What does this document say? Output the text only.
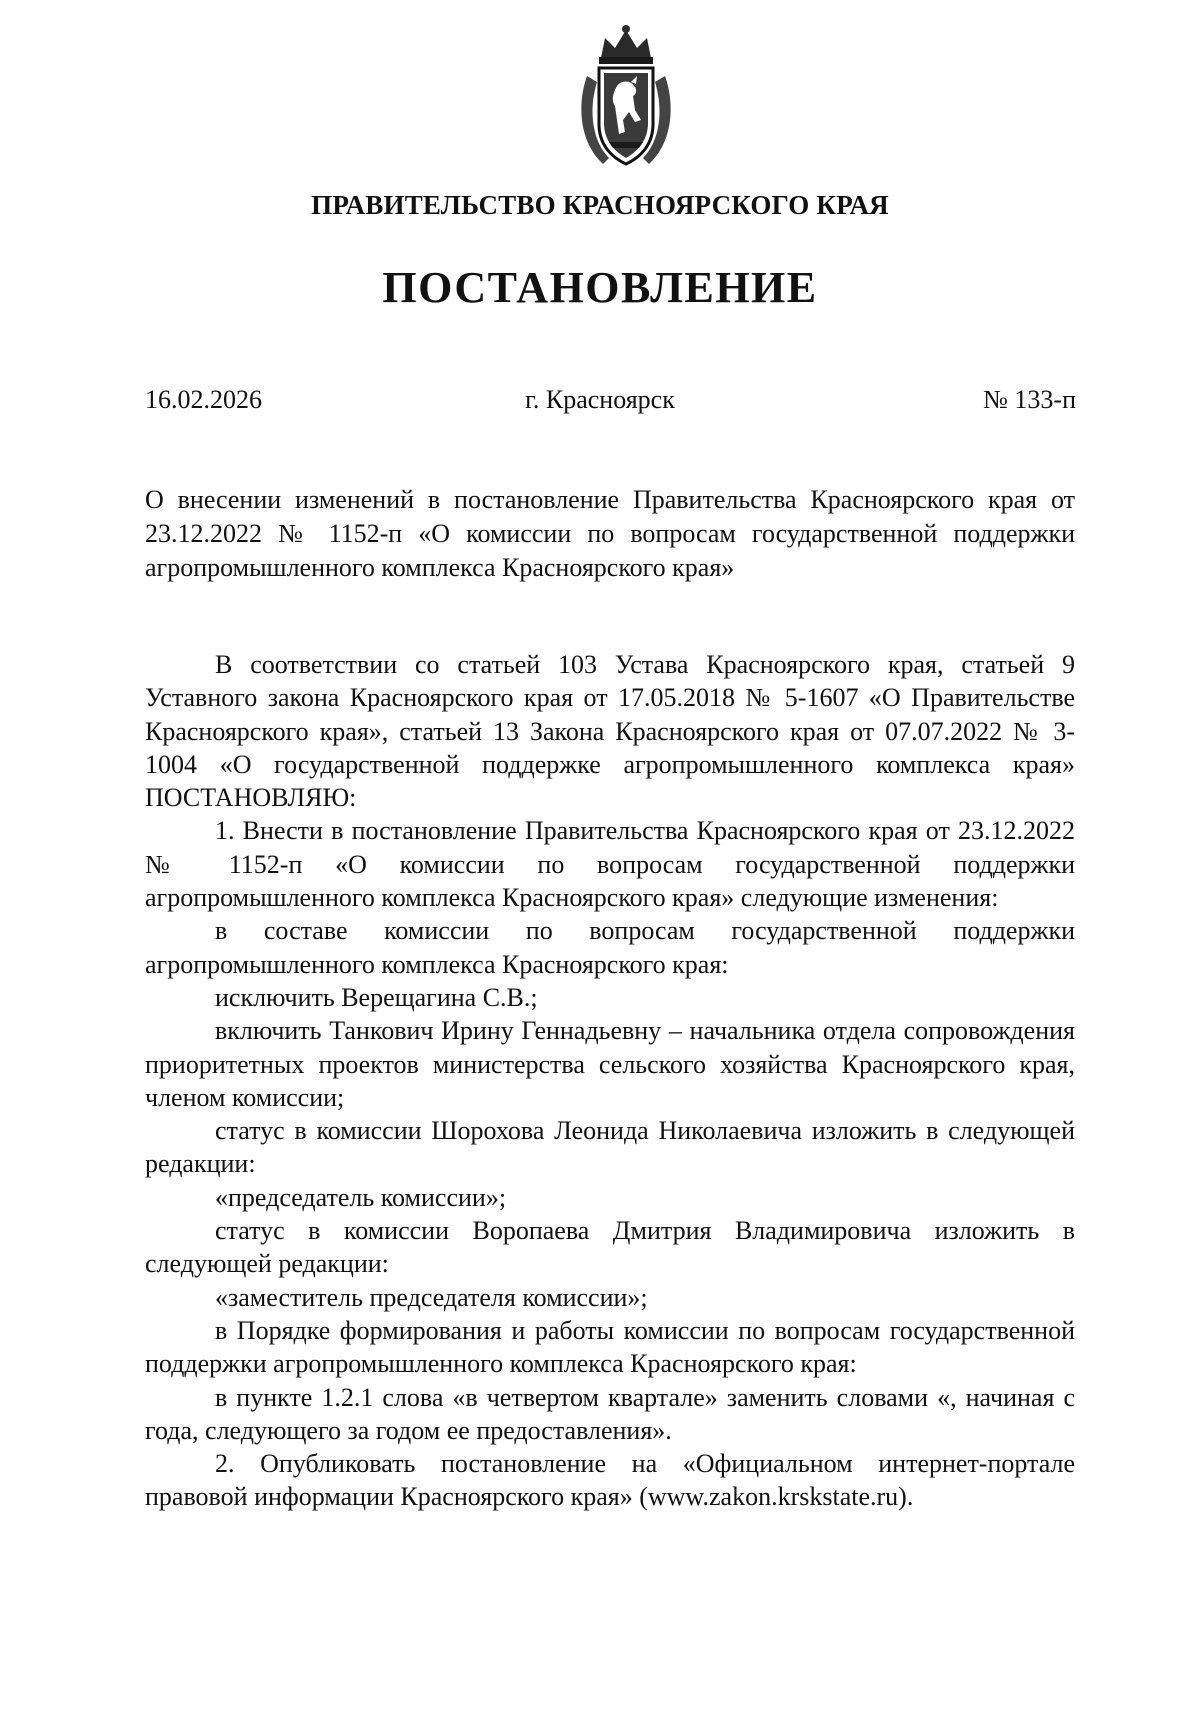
ПРАВИТЕЛЬСТВО КРАСНОЯРСКОГО КРАЯ
ПОСТАНОВЛЕНИЕ
16.02.2026	г. Красноярск	№ 133-п
О внесении изменений в постановление Правительства Красноярского края от 23.12.2022 № 1152-п «О комиссии по вопросам государственной поддержки агропромышленного комплекса Красноярского края»

В соответствии со статьей 103 Устава Красноярского края, статьей 9 Уставного закона Красноярского края от 17.05.2018 № 5-1607 «О Правительстве Красноярского края», статьей 13 Закона Красноярского края от 07.07.2022 № 3-1004 «О государственной поддержке агропромышленного комплекса края» ПОСТАНОВЛЯЮ:

1. Внести в постановление Правительства Красноярского края от 23.12.2022 № 1152-п «О комиссии по вопросам государственной поддержки агропромышленного комплекса Красноярского края» следующие изменения:

в составе комиссии по вопросам государственной поддержки агропромышленного комплекса Красноярского края:

исключить Верещагина С.В.;

включить Танкович Ирину Геннадьевну – начальника отдела сопровождения приоритетных проектов министерства сельского хозяйства Красноярского края, членом комиссии;

статус в комиссии Шорохова Леонида Николаевича изложить в следующей редакции:

«председатель комиссии»;

статус в комиссии Воропаева Дмитрия Владимировича изложить в следующей редакции:

«заместитель председателя комиссии»;

в Порядке формирования и работы комиссии по вопросам государственной поддержки агропромышленного комплекса Красноярского края:

в пункте 1.2.1 слова «в четвертом квартале» заменить словами «, начиная с года, следующего за годом ее предоставления».

2. Опубликовать постановление на «Официальном интернет-портале правовой информации Красноярского края» (www.zakon.krskstate.ru).
